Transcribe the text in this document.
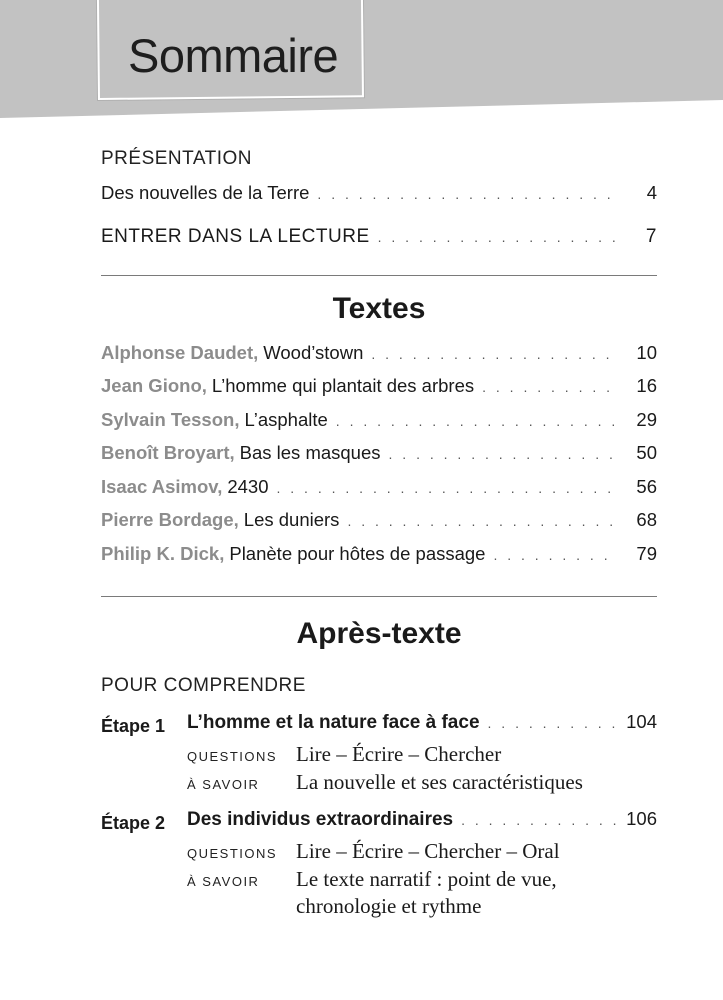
Sommaire
PRÉSENTATION
Des nouvelles de la Terre . . .	4
ENTRER DANS LA LECTURE . . .	7
Textes
Alphonse Daudet, Wood’stown . . .	10
Jean Giono, L’homme qui plantait des arbres . . .	16
Sylvain Tesson, L’asphalte . . .	29
Benoît Broyart, Bas les masques . . .	50
Isaac Asimov, 2430 . . .	56
Pierre Bordage, Les duniers . . .	68
Philip K. Dick, Planète pour hôtes de passage . . .	79
Après-texte
POUR COMPRENDRE
Étape 1 L’homme et la nature face à face . . .	104
QUESTIONS Lire – Écrire – Chercher
À SAVOIR La nouvelle et ses caractéristiques
Étape 2 Des individus extraordinaires . . .	106
QUESTIONS Lire – Écrire – Chercher – Oral
À SAVOIR Le texte narratif : point de vue, chronologie et rythme
